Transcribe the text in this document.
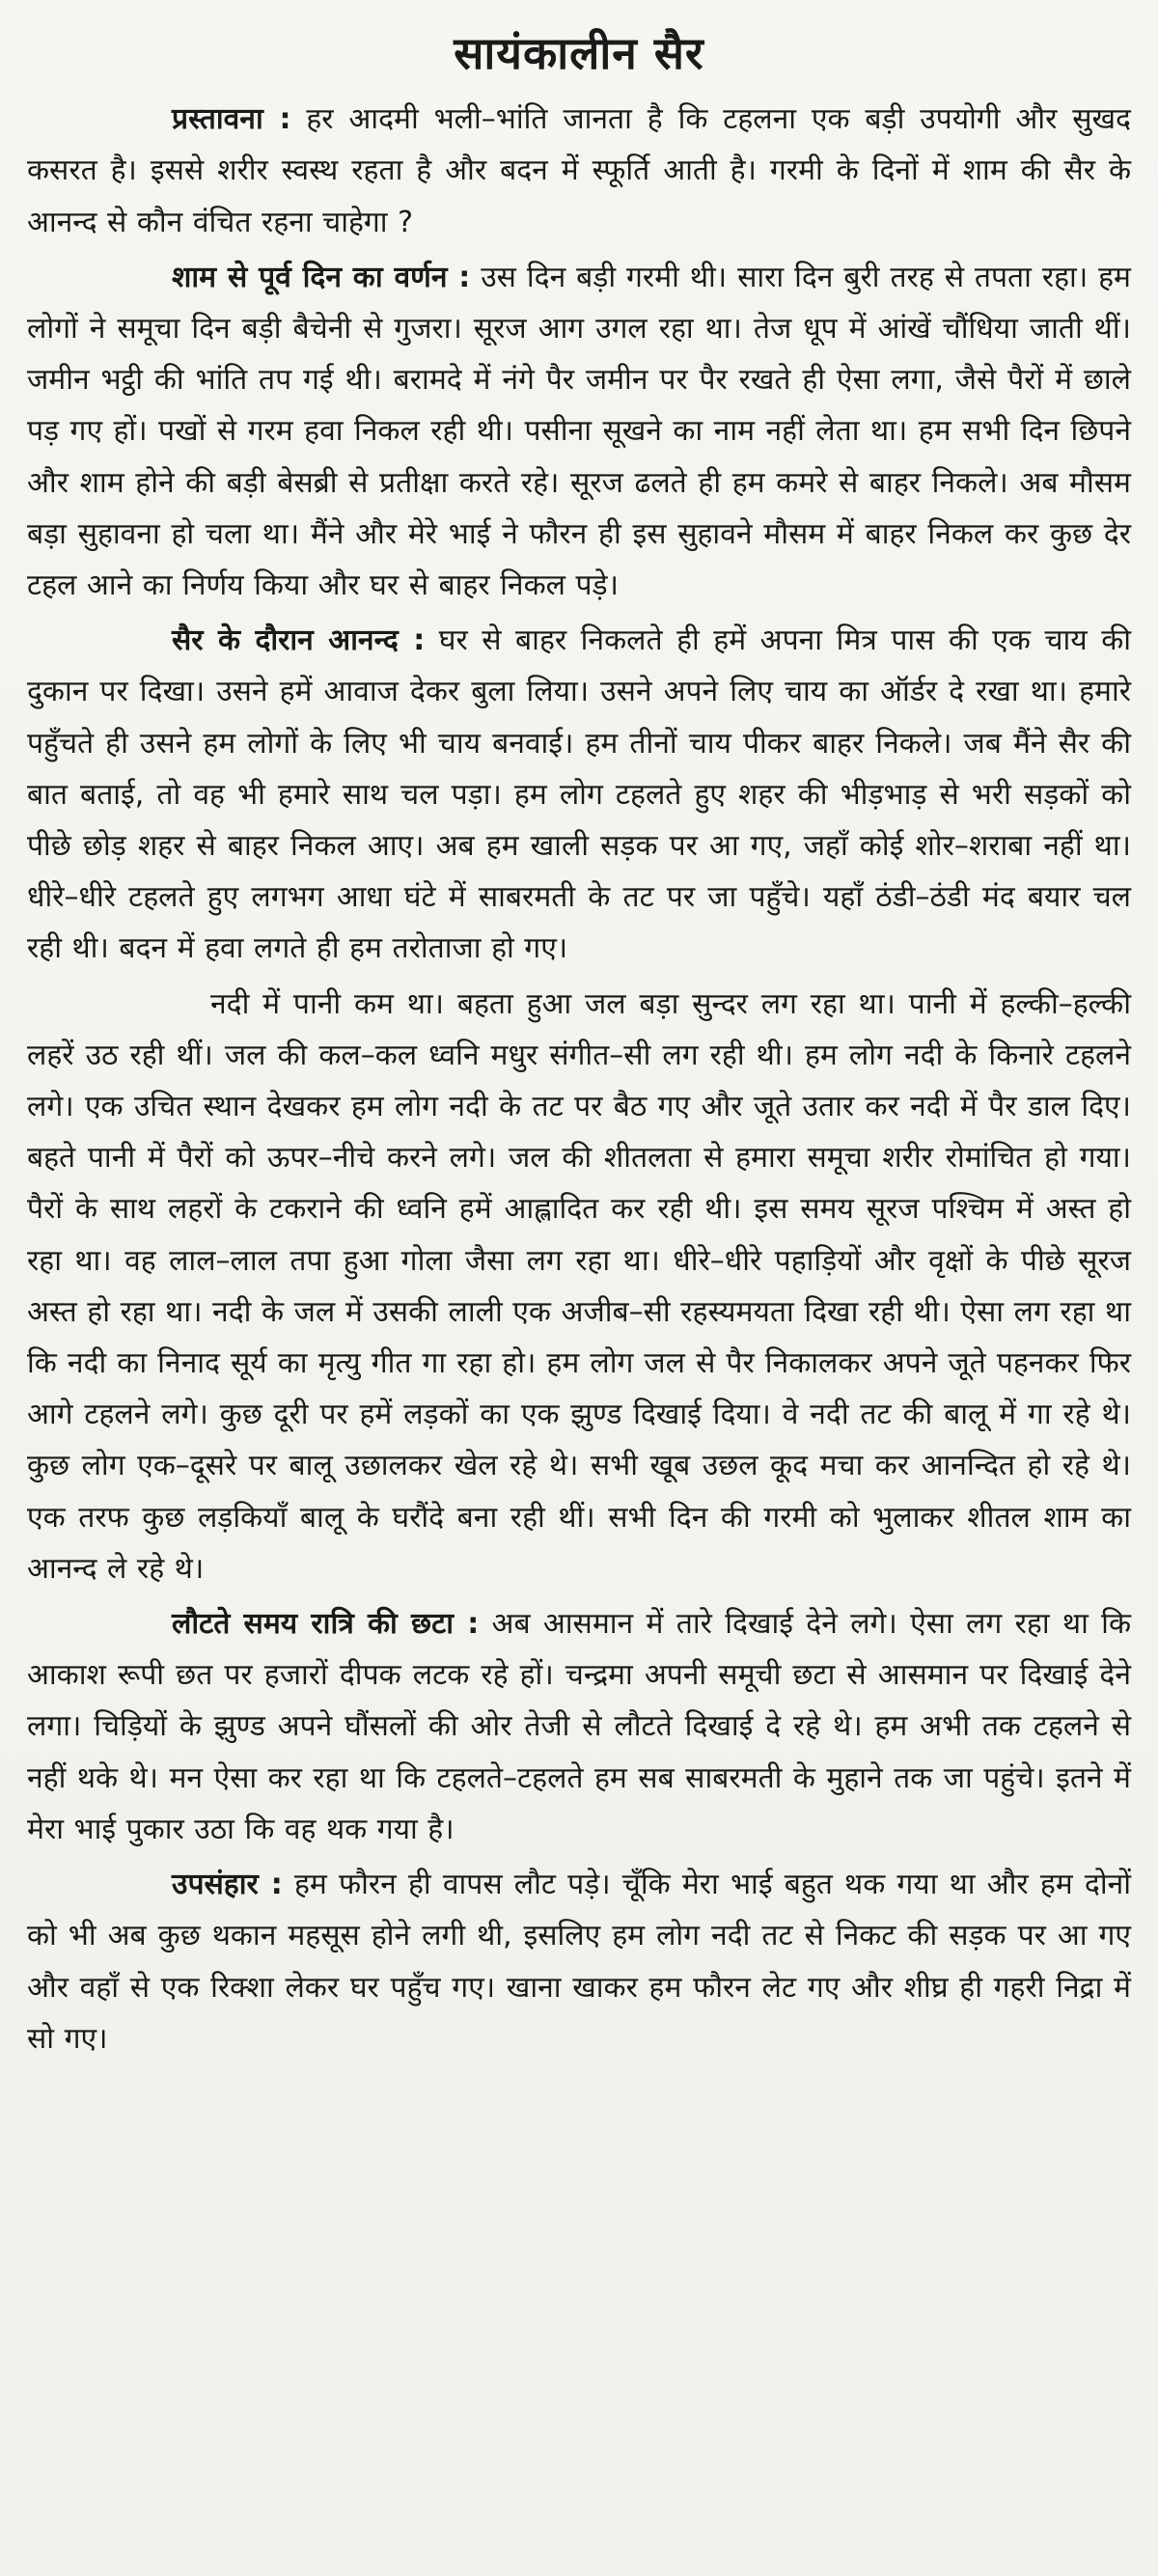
सायंकालीन सैर

प्रस्तावना : हर आदमी भली–भांति जानता है कि टहलना एक बड़ी उपयोगी और सुखद कसरत है। इससे शरीर स्वस्थ रहता है और बदन में स्फूर्ति आती है। गरमी के दिनों में शाम की सैर के आनन्द से कौन वंचित रहना चाहेगा ?

शाम से पूर्व दिन का वर्णन : उस दिन बड़ी गरमी थी। सारा दिन बुरी तरह से तपता रहा। हम लोगों ने समूचा दिन बड़ी बैचेनी से गुजरा। सूरज आग उगल रहा था। तेज धूप में आंखें चौंधिया जाती थीं। जमीन भट्ठी की भांति तप गई थी। बरामदे में नंगे पैर जमीन पर पैर रखते ही ऐसा लगा, जैसे पैरों में छाले पड़ गए हों। पखों से गरम हवा निकल रही थी। पसीना सूखने का नाम नहीं लेता था। हम सभी दिन छिपने और शाम होने की बड़ी बेसब्री से प्रतीक्षा करते रहे। सूरज ढलते ही हम कमरे से बाहर निकले। अब मौसम बड़ा सुहावना हो चला था। मैंने और मेरे भाई ने फौरन ही इस सुहावने मौसम में बाहर निकल कर कुछ देर टहल आने का निर्णय किया और घर से बाहर निकल पड़े।

सैर के दौरान आनन्द : घर से बाहर निकलते ही हमें अपना मित्र पास की एक चाय की दुकान पर दिखा। उसने हमें आवाज देकर बुला लिया। उसने अपने लिए चाय का ऑर्डर दे रखा था। हमारे पहुँचते ही उसने हम लोगों के लिए भी चाय बनवाई। हम तीनों चाय पीकर बाहर निकले। जब मैंने सैर की बात बताई, तो वह भी हमारे साथ चल पड़ा। हम लोग टहलते हुए शहर की भीड़भाड़ से भरी सड़कों को पीछे छोड़ शहर से बाहर निकल आए। अब हम खाली सड़क पर आ गए, जहाँ कोई शोर–शराबा नहीं था। धीरे–धीरे टहलते हुए लगभग आधा घंटे में साबरमती के तट पर जा पहुँचे। यहाँ ठंडी–ठंडी मंद बयार चल रही थी। बदन में हवा लगते ही हम तरोताजा हो गए।

नदी में पानी कम था। बहता हुआ जल बड़ा सुन्दर लग रहा था। पानी में हल्की–हल्की लहरें उठ रही थीं। जल की कल–कल ध्वनि मधुर संगीत–सी लग रही थी। हम लोग नदी के किनारे टहलने लगे। एक उचित स्थान देखकर हम लोग नदी के तट पर बैठ गए और जूते उतार कर नदी में पैर डाल दिए। बहते पानी में पैरों को ऊपर–नीचे करने लगे। जल की शीतलता से हमारा समूचा शरीर रोमांचित हो गया। पैरों के साथ लहरों के टकराने की ध्वनि हमें आह्लादित कर रही थी। इस समय सूरज पश्चिम में अस्त हो रहा था। वह लाल–लाल तपा हुआ गोला जैसा लग रहा था। धीरे–धीरे पहाड़ियों और वृक्षों के पीछे सूरज अस्त हो रहा था। नदी के जल में उसकी लाली एक अजीब–सी रहस्यमयता दिखा रही थी। ऐसा लग रहा था कि नदी का निनाद सूर्य का मृत्यु गीत गा रहा हो। हम लोग जल से पैर निकालकर अपने जूते पहनकर फिर आगे टहलने लगे। कुछ दूरी पर हमें लड़कों का एक झुण्ड दिखाई दिया। वे नदी तट की बालू में गा रहे थे। कुछ लोग एक–दूसरे पर बालू उछालकर खेल रहे थे। सभी खूब उछल कूद मचा कर आनन्दित हो रहे थे। एक तरफ कुछ लड़कियाँ बालू के घरौंदे बना रही थीं। सभी दिन की गरमी को भुलाकर शीतल शाम का आनन्द ले रहे थे।

लौटते समय रात्रि की छटा : अब आसमान में तारे दिखाई देने लगे। ऐसा लग रहा था कि आकाश रूपी छत पर हजारों दीपक लटक रहे हों। चन्द्रमा अपनी समूची छटा से आसमान पर दिखाई देने लगा। चिड़ियों के झुण्ड अपने घौंसलों की ओर तेजी से लौटते दिखाई दे रहे थे। हम अभी तक टहलने से नहीं थके थे। मन ऐसा कर रहा था कि टहलते–टहलते हम सब साबरमती के मुहाने तक जा पहुंचे। इतने में मेरा भाई पुकार उठा कि वह थक गया है।

उपसंहार : हम फौरन ही वापस लौट पड़े। चूँकि मेरा भाई बहुत थक गया था और हम दोनों को भी अब कुछ थकान महसूस होने लगी थी, इसलिए हम लोग नदी तट से निकट की सड़क पर आ गए और वहाँ से एक रिक्शा लेकर घर पहुँच गए। खाना खाकर हम फौरन लेट गए और शीघ्र ही गहरी निद्रा में सो गए।
